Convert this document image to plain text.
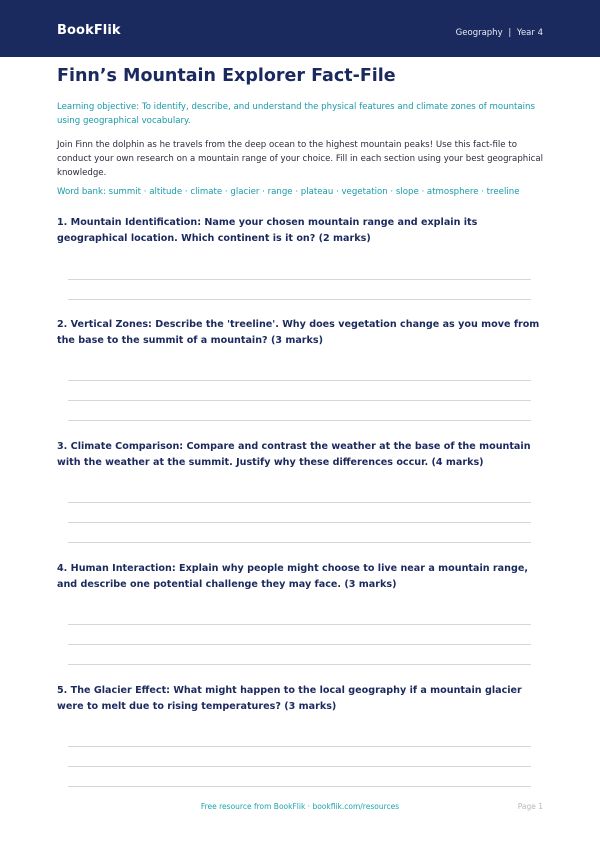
BookFlik	Geography | Year 4
Finn’s Mountain Explorer Fact-File
Learning objective: To identify, describe, and understand the physical features and climate zones of mountains using geographical vocabulary.
Join Finn the dolphin as he travels from the deep ocean to the highest mountain peaks! Use this fact-file to conduct your own research on a mountain range of your choice. Fill in each section using your best geographical knowledge.
Word bank: summit · altitude · climate · glacier · range · plateau · vegetation · slope · atmosphere · treeline
1. Mountain Identification: Name your chosen mountain range and explain its geographical location. Which continent is it on? (2 marks)
2. Vertical Zones: Describe the 'treeline'. Why does vegetation change as you move from the base to the summit of a mountain? (3 marks)
3. Climate Comparison: Compare and contrast the weather at the base of the mountain with the weather at the summit. Justify why these differences occur. (4 marks)
4. Human Interaction: Explain why people might choose to live near a mountain range, and describe one potential challenge they may face. (3 marks)
5. The Glacier Effect: What might happen to the local geography if a mountain glacier were to melt due to rising temperatures? (3 marks)
Free resource from BookFlik · bookflik.com/resources	Page 1
